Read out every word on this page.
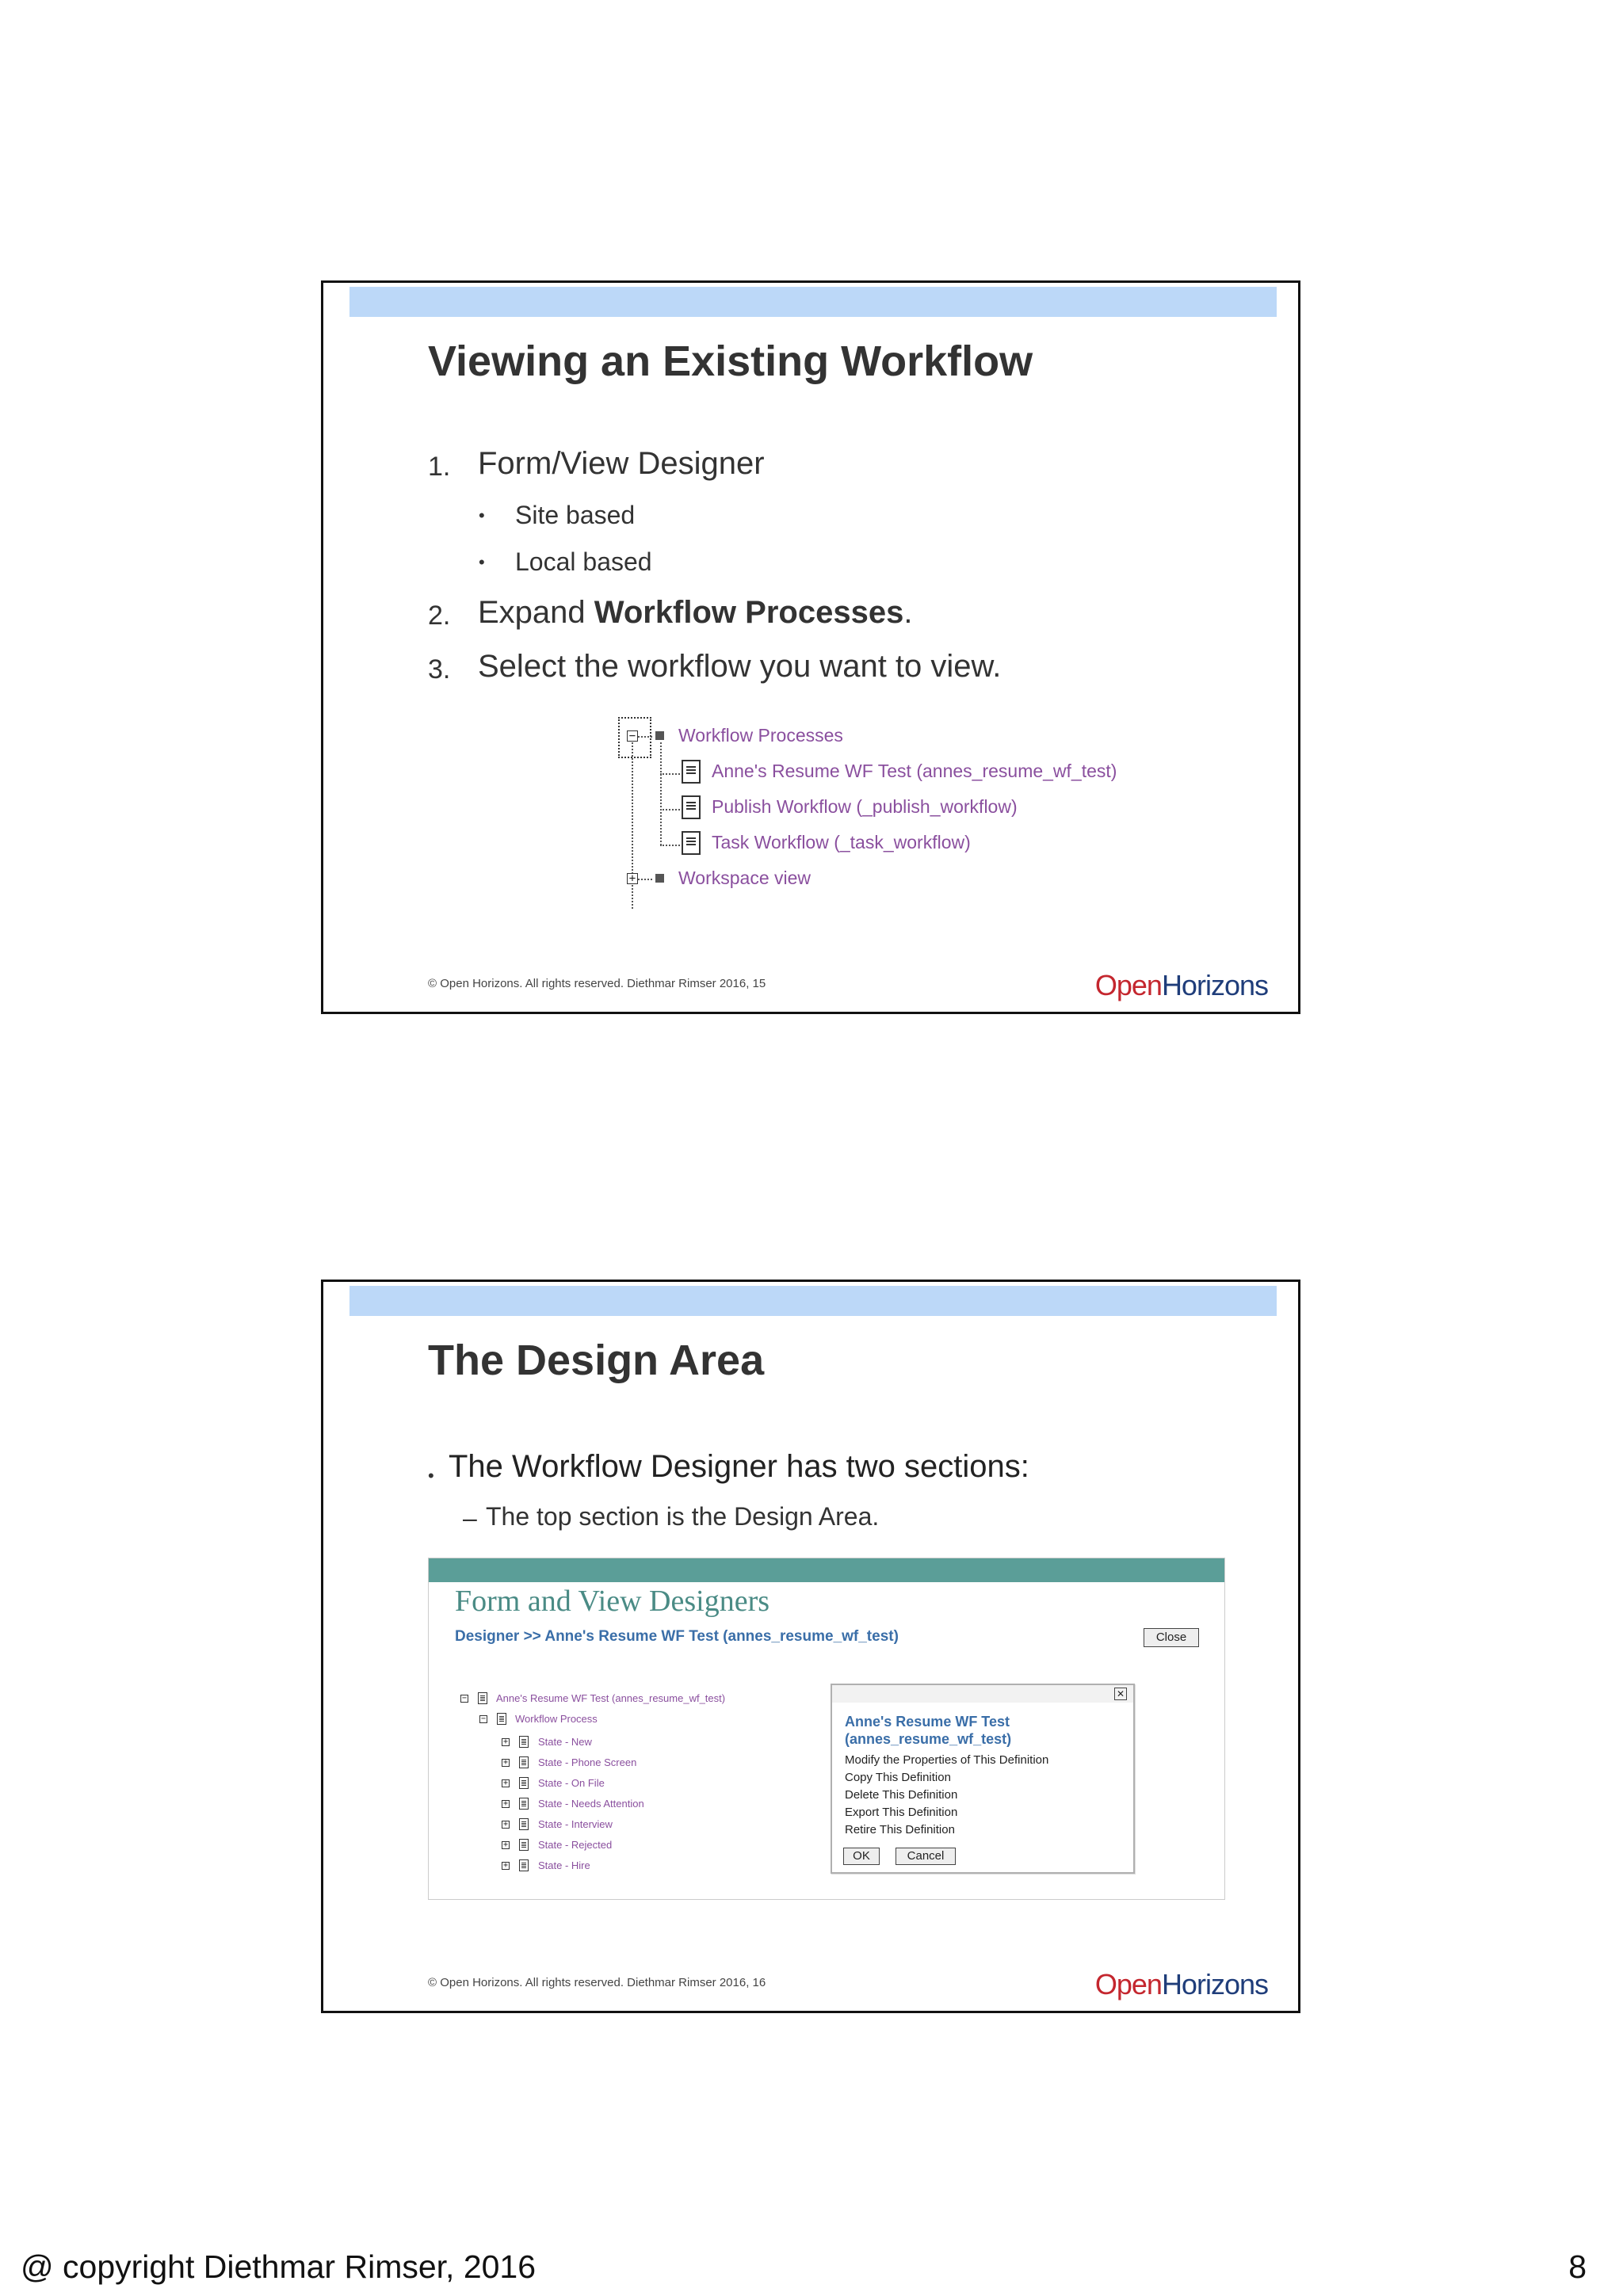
Viewing an Existing Workflow
1. Form/View Designer
• Site based
• Local based
2. Expand Workflow Processes.
3. Select the workflow you want to view.
− Workflow Processes
Anne's Resume WF Test (annes_resume_wf_test)
Publish Workflow (_publish_workflow)
Task Workflow (_task_workflow)
+ Workspace view
© Open Horizons. All rights reserved. Diethmar Rimser 2016, 15	OpenHorizons
The Design Area
• The Workflow Designer has two sections:
– The top section is the Design Area.
Form and View Designers
Designer >> Anne's Resume WF Test (annes_resume_wf_test)	Close
−	Anne's Resume WF Test (annes_resume_wf_test)
−	Workflow Process
+	State - New
+	State - Phone Screen
+	State - On File
+	State - Needs Attention
+	State - Interview
+	State - Rejected
+	State - Hire
✕
Anne's Resume WF Test
(annes_resume_wf_test)
Modify the Properties of This Definition
Copy This Definition
Delete This Definition
Export This Definition
Retire This Definition
OK	Cancel
© Open Horizons. All rights reserved. Diethmar Rimser 2016, 16	OpenHorizons
@ copyright Diethmar Rimser, 2016	8
